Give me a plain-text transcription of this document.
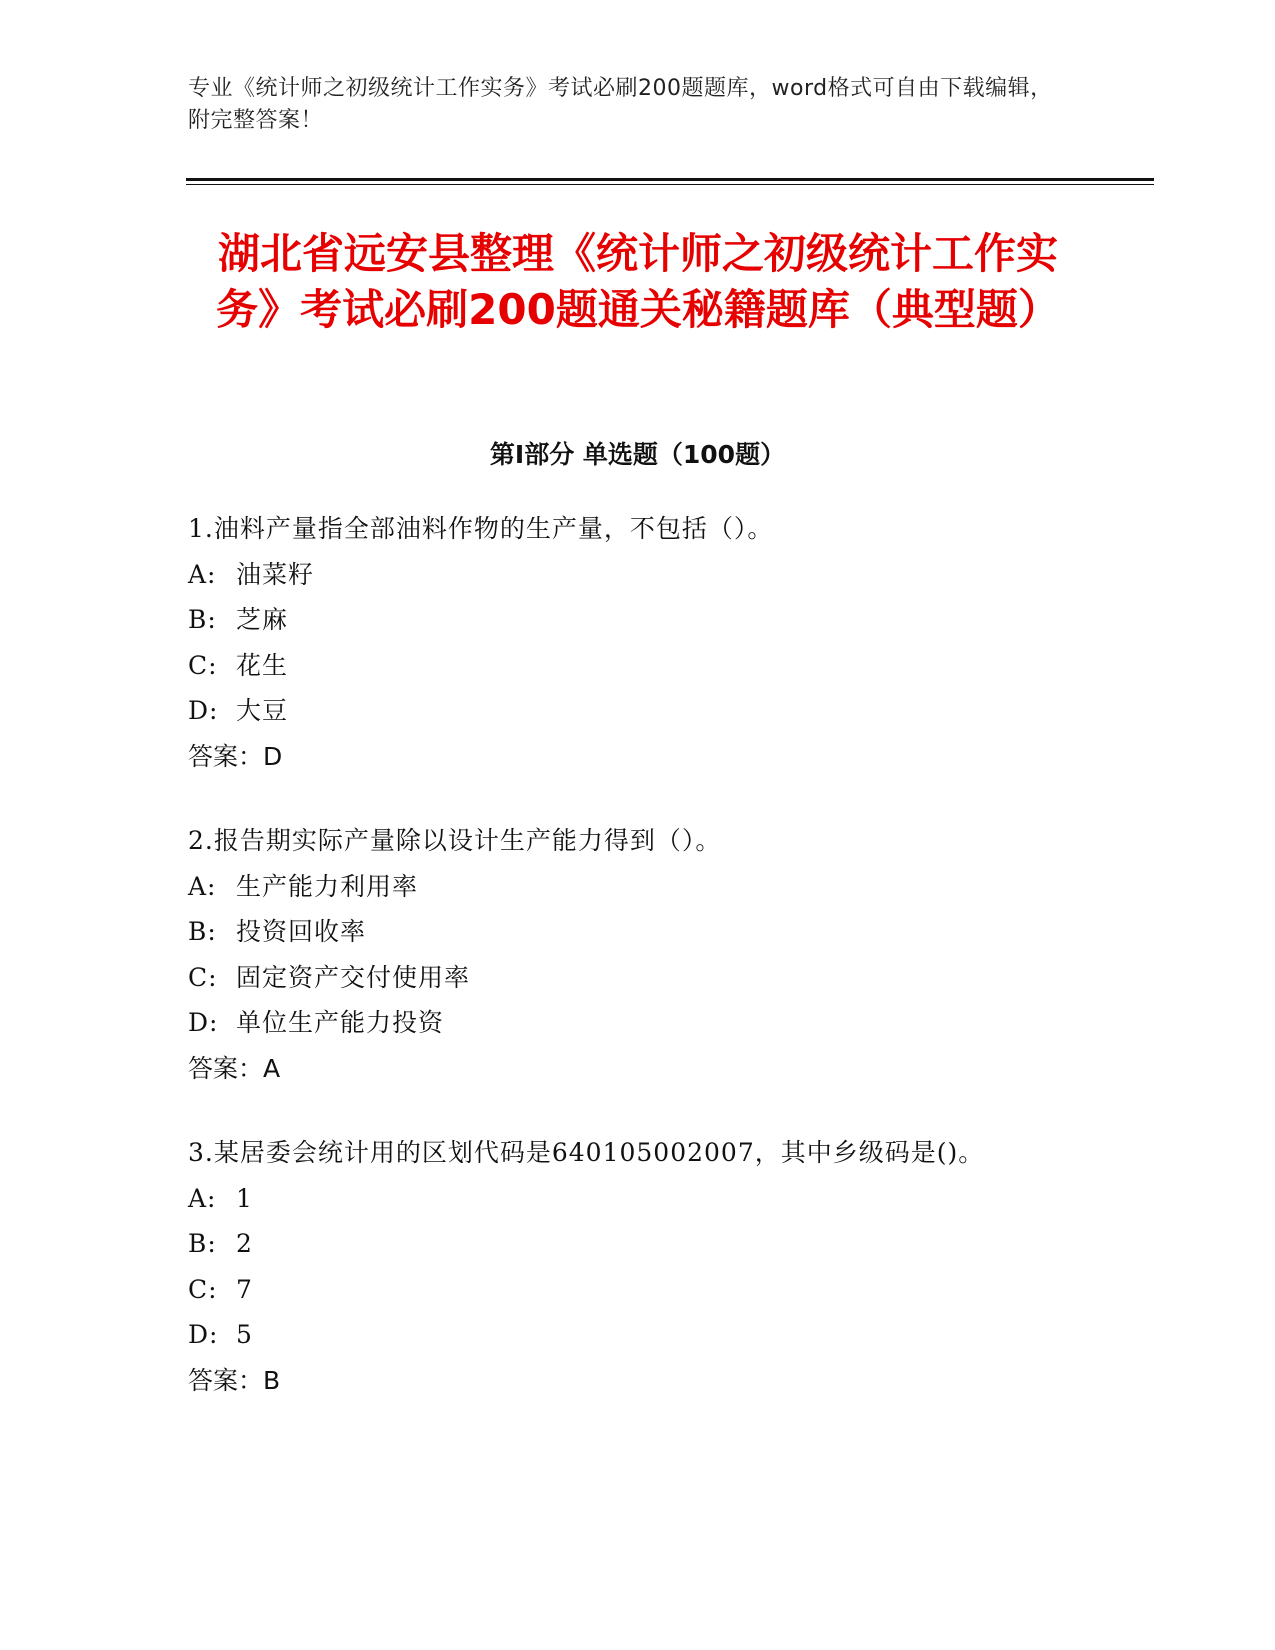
专业《统计师之初级统计工作实务》考试必刷200题题库，word格式可自由下载编辑，附完整答案！
湖北省远安县整理《统计师之初级统计工作实务》考试必刷200题通关秘籍题库（典型题）
第I部分 单选题（100题）
1.油料产量指全部油料作物的生产量，不包括（）。
A: 油菜籽
B: 芝麻
C: 花生
D: 大豆
答案：D
2.报告期实际产量除以设计生产能力得到（）。
A: 生产能力利用率
B: 投资回收率
C: 固定资产交付使用率
D: 单位生产能力投资
答案：A
3.某居委会统计用的区划代码是640105002007，其中乡级码是()。
A: 1
B: 2
C: 7
D: 5
答案：B
